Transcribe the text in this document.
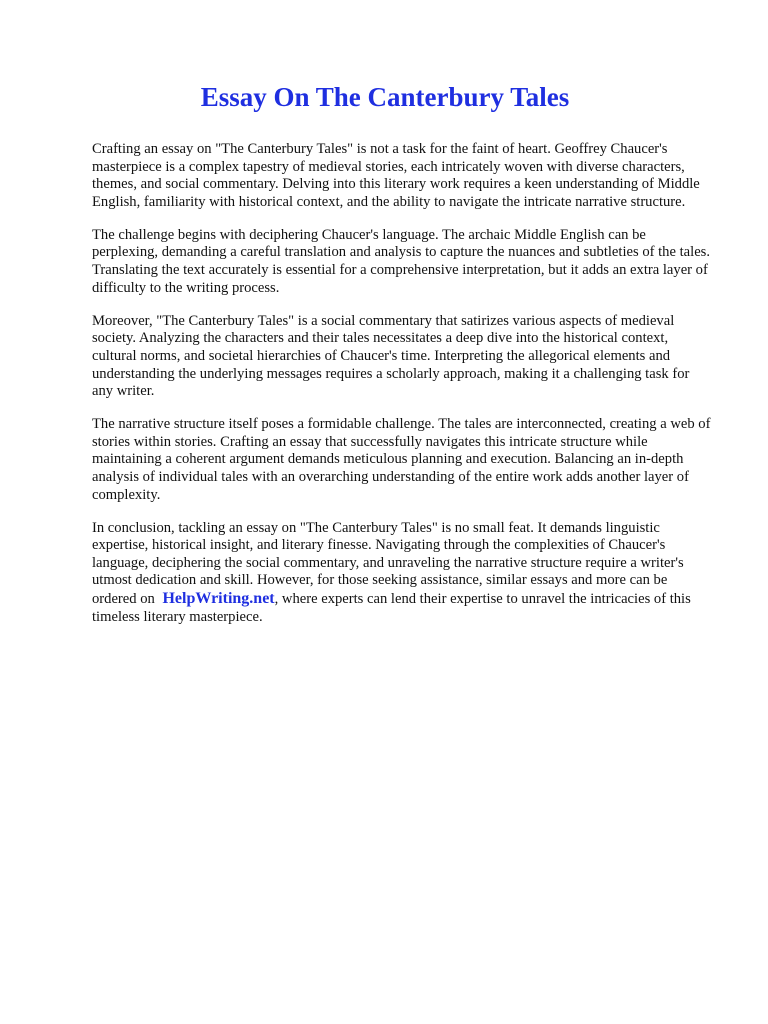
Essay On The Canterbury Tales

Crafting an essay on "The Canterbury Tales" is not a task for the faint of heart. Geoffrey Chaucer's masterpiece is a complex tapestry of medieval stories, each intricately woven with diverse characters, themes, and social commentary. Delving into this literary work requires a keen understanding of Middle English, familiarity with historical context, and the ability to navigate the intricate narrative structure.

The challenge begins with deciphering Chaucer's language. The archaic Middle English can be perplexing, demanding a careful translation and analysis to capture the nuances and subtleties of the tales. Translating the text accurately is essential for a comprehensive interpretation, but it adds an extra layer of difficulty to the writing process.

Moreover, "The Canterbury Tales" is a social commentary that satirizes various aspects of medieval society. Analyzing the characters and their tales necessitates a deep dive into the historical context, cultural norms, and societal hierarchies of Chaucer's time. Interpreting the allegorical elements and understanding the underlying messages requires a scholarly approach, making it a challenging task for any writer.

The narrative structure itself poses a formidable challenge. The tales are interconnected, creating a web of stories within stories. Crafting an essay that successfully navigates this intricate structure while maintaining a coherent argument demands meticulous planning and execution. Balancing an in-depth analysis of individual tales with an overarching understanding of the entire work adds another layer of complexity.

In conclusion, tackling an essay on "The Canterbury Tales" is no small feat. It demands linguistic expertise, historical insight, and literary finesse. Navigating through the complexities of Chaucer's language, deciphering the social commentary, and unraveling the narrative structure require a writer's utmost dedication and skill. However, for those seeking assistance, similar essays and more can be ordered on HelpWriting.net, where experts can lend their expertise to unravel the intricacies of this timeless literary masterpiece.
